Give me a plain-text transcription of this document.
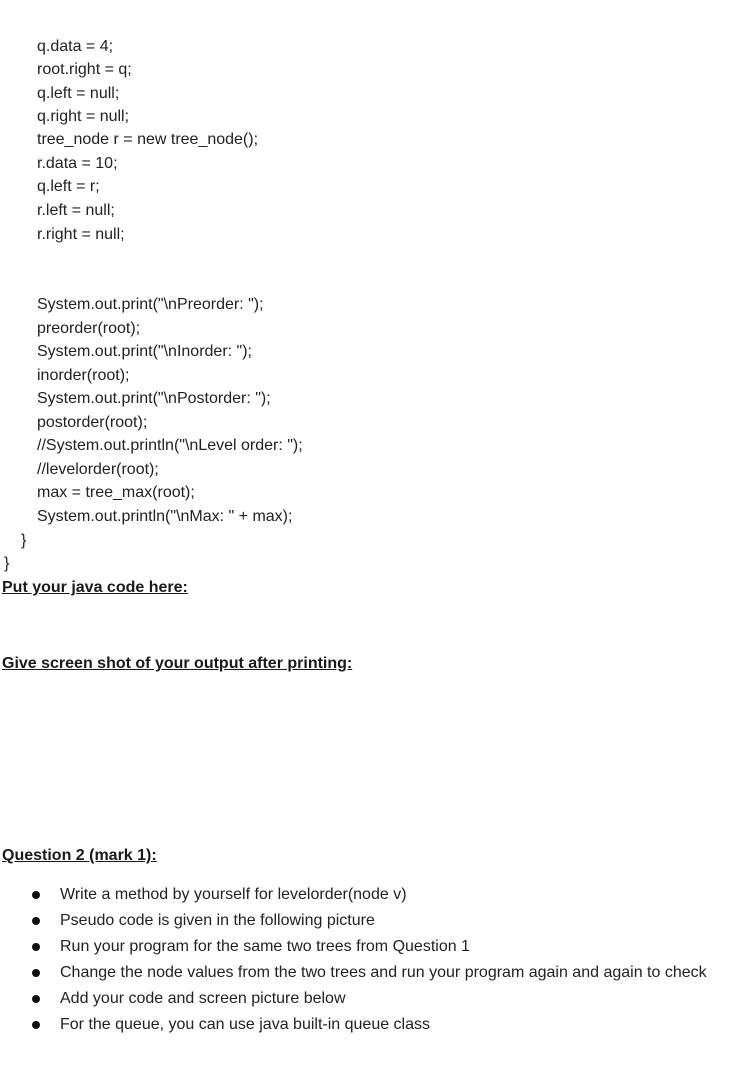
q.data = 4;
root.right = q;
q.left = null;
q.right = null;
tree_node r = new tree_node();
r.data = 10;
q.left = r;
r.left = null;
r.right = null;
System.out.print("\nPreorder: ");
preorder(root);
System.out.print("\nInorder: ");
inorder(root);
System.out.print("\nPostorder: ");
postorder(root);
//System.out.println("\nLevel order: ");
//levelorder(root);
max = tree_max(root);
System.out.println("\nMax: " + max);
}
}
Put your java code here:
Give screen shot of your output after printing:
Question 2 (mark 1):
Write a method by yourself for levelorder(node v)
Pseudo code is given in the following picture
Run your program for the same two trees from Question 1
Change the node values from the two trees and run your program again and again to check
Add your code and screen picture below
For the queue, you can use java built-in queue class
